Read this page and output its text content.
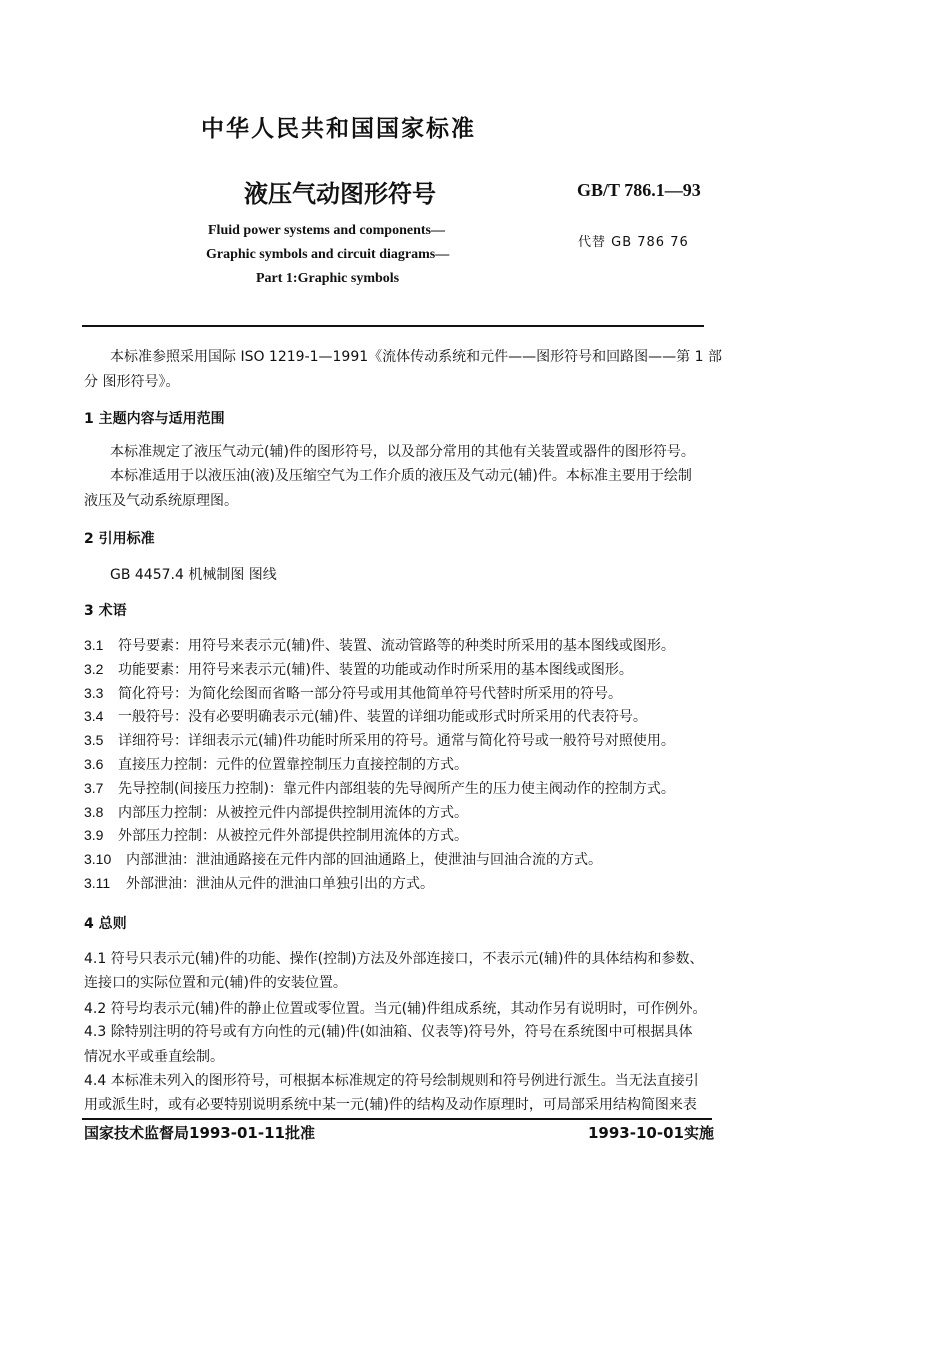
中华人民共和国国家标准
液压气动图形符号	GB/T 786.1—93
Fluid power systems and components—
Graphic symbols and circuit diagrams—
Part 1:Graphic symbols
代替 GB 786 76
本标准参照采用国际 ISO 1219-1—1991《流体传动系统和元件——图形符号和回路图——第 1 部
分 图形符号》。
1 主题内容与适用范围
本标准规定了液压气动元(辅)件的图形符号，以及部分常用的其他有关装置或器件的图形符号。
本标准适用于以液压油(液)及压缩空气为工作介质的液压及气动元(辅)件。本标准主要用于绘制
液压及气动系统原理图。
2 引用标准
GB 4457.4 机械制图 图线
3 术语
3.1 符号要素：用符号来表示元(辅)件、装置、流动管路等的种类时所采用的基本图线或图形。
3.2 功能要素：用符号来表示元(辅)件、装置的功能或动作时所采用的基本图线或图形。
3.3 简化符号：为简化绘图而省略一部分符号或用其他简单符号代替时所采用的符号。
3.4 一般符号：没有必要明确表示元(辅)件、装置的详细功能或形式时所采用的代表符号。
3.5 详细符号：详细表示元(辅)件功能时所采用的符号。通常与简化符号或一般符号对照使用。
3.6 直接压力控制：元件的位置靠控制压力直接控制的方式。
3.7 先导控制(间接压力控制)：靠元件内部组装的先导阀所产生的压力使主阀动作的控制方式。
3.8 内部压力控制：从被控元件内部提供控制用流体的方式。
3.9 外部压力控制：从被控元件外部提供控制用流体的方式。
3.10 内部泄油：泄油通路接在元件内部的回油通路上，使泄油与回油合流的方式。
3.11 外部泄油：泄油从元件的泄油口单独引出的方式。
4 总则
4.1 符号只表示元(辅)件的功能、操作(控制)方法及外部连接口，不表示元(辅)件的具体结构和参数、
连接口的实际位置和元(辅)件的安装位置。
4.2 符号均表示元(辅)件的静止位置或零位置。当元(辅)件组成系统，其动作另有说明时，可作例外。
4.3 除特别注明的符号或有方向性的元(辅)件(如油箱、仪表等)符号外，符号在系统图中可根据具体
情况水平或垂直绘制。
4.4 本标准未列入的图形符号，可根据本标准规定的符号绘制规则和符号例进行派生。当无法直接引
用或派生时，或有必要特别说明系统中某一元(辅)件的结构及动作原理时，可局部采用结构简图来表
国家技术监督局1993-01-11批准	1993-10-01实施
